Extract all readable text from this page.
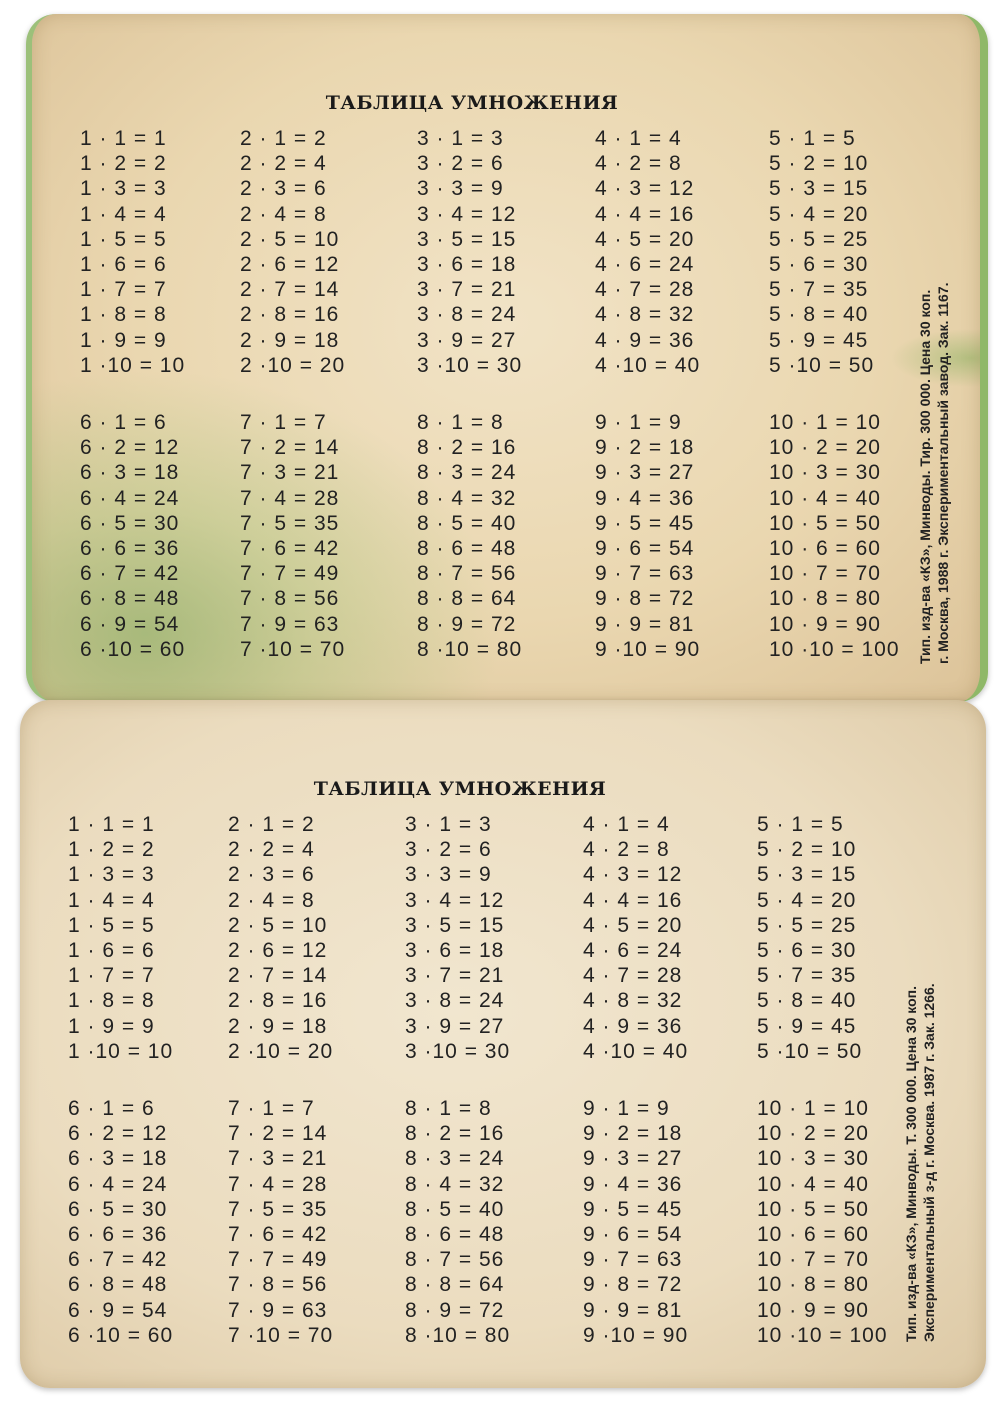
ТАБЛИЦА УМНОЖЕНИЯ
1 · 1 = 1
1 · 2 = 2
1 · 3 = 3
1 · 4 = 4
1 · 5 = 5
1 · 6 = 6
1 · 7 = 7
1 · 8 = 8
1 · 9 = 9
1 ·10 = 10
2 · 1 = 2
2 · 2 = 4
2 · 3 = 6
2 · 4 = 8
2 · 5 = 10
2 · 6 = 12
2 · 7 = 14
2 · 8 = 16
2 · 9 = 18
2 ·10 = 20
3 · 1 = 3
3 · 2 = 6
3 · 3 = 9
3 · 4 = 12
3 · 5 = 15
3 · 6 = 18
3 · 7 = 21
3 · 8 = 24
3 · 9 = 27
3 ·10 = 30
4 · 1 = 4
4 · 2 = 8
4 · 3 = 12
4 · 4 = 16
4 · 5 = 20
4 · 6 = 24
4 · 7 = 28
4 · 8 = 32
4 · 9 = 36
4 ·10 = 40
5 · 1 = 5
5 · 2 = 10
5 · 3 = 15
5 · 4 = 20
5 · 5 = 25
5 · 6 = 30
5 · 7 = 35
5 · 8 = 40
5 · 9 = 45
5 ·10 = 50
6 · 1 = 6
6 · 2 = 12
6 · 3 = 18
6 · 4 = 24
6 · 5 = 30
6 · 6 = 36
6 · 7 = 42
6 · 8 = 48
6 · 9 = 54
6 ·10 = 60
7 · 1 = 7
7 · 2 = 14
7 · 3 = 21
7 · 4 = 28
7 · 5 = 35
7 · 6 = 42
7 · 7 = 49
7 · 8 = 56
7 · 9 = 63
7 ·10 = 70
8 · 1 = 8
8 · 2 = 16
8 · 3 = 24
8 · 4 = 32
8 · 5 = 40
8 · 6 = 48
8 · 7 = 56
8 · 8 = 64
8 · 9 = 72
8 ·10 = 80
9 · 1 = 9
9 · 2 = 18
9 · 3 = 27
9 · 4 = 36
9 · 5 = 45
9 · 6 = 54
9 · 7 = 63
9 · 8 = 72
9 · 9 = 81
9 ·10 = 90
10 · 1 = 10
10 · 2 = 20
10 · 3 = 30
10 · 4 = 40
10 · 5 = 50
10 · 6 = 60
10 · 7 = 70
10 · 8 = 80
10 · 9 = 90
10 ·10 = 100	Тип. изд-ва «КЗ», Минводы. Тир. 300 000. Цена 30 коп. г. Москва, 1988 г. Экспериментальный завод. Зак. 1167.
ТАБЛИЦА УМНОЖЕНИЯ
1 · 1 = 1
1 · 2 = 2
1 · 3 = 3
1 · 4 = 4
1 · 5 = 5
1 · 6 = 6
1 · 7 = 7
1 · 8 = 8
1 · 9 = 9
1 ·10 = 10
2 · 1 = 2
2 · 2 = 4
2 · 3 = 6
2 · 4 = 8
2 · 5 = 10
2 · 6 = 12
2 · 7 = 14
2 · 8 = 16
2 · 9 = 18
2 ·10 = 20
3 · 1 = 3
3 · 2 = 6
3 · 3 = 9
3 · 4 = 12
3 · 5 = 15
3 · 6 = 18
3 · 7 = 21
3 · 8 = 24
3 · 9 = 27
3 ·10 = 30
4 · 1 = 4
4 · 2 = 8
4 · 3 = 12
4 · 4 = 16
4 · 5 = 20
4 · 6 = 24
4 · 7 = 28
4 · 8 = 32
4 · 9 = 36
4 ·10 = 40
5 · 1 = 5
5 · 2 = 10
5 · 3 = 15
5 · 4 = 20
5 · 5 = 25
5 · 6 = 30
5 · 7 = 35
5 · 8 = 40
5 · 9 = 45
5 ·10 = 50
6 · 1 = 6
6 · 2 = 12
6 · 3 = 18
6 · 4 = 24
6 · 5 = 30
6 · 6 = 36
6 · 7 = 42
6 · 8 = 48
6 · 9 = 54
6 ·10 = 60
7 · 1 = 7
7 · 2 = 14
7 · 3 = 21
7 · 4 = 28
7 · 5 = 35
7 · 6 = 42
7 · 7 = 49
7 · 8 = 56
7 · 9 = 63
7 ·10 = 70
8 · 1 = 8
8 · 2 = 16
8 · 3 = 24
8 · 4 = 32
8 · 5 = 40
8 · 6 = 48
8 · 7 = 56
8 · 8 = 64
8 · 9 = 72
8 ·10 = 80
9 · 1 = 9
9 · 2 = 18
9 · 3 = 27
9 · 4 = 36
9 · 5 = 45
9 · 6 = 54
9 · 7 = 63
9 · 8 = 72
9 · 9 = 81
9 ·10 = 90
10 · 1 = 10
10 · 2 = 20
10 · 3 = 30
10 · 4 = 40
10 · 5 = 50
10 · 6 = 60
10 · 7 = 70
10 · 8 = 80
10 · 9 = 90
10 ·10 = 100	Тип. изд-ва «КЗ», Минводы. Т. 300 000. Цена 30 коп. Экспериментальный з-д г. Москва. 1987 г. Зак. 1266.
